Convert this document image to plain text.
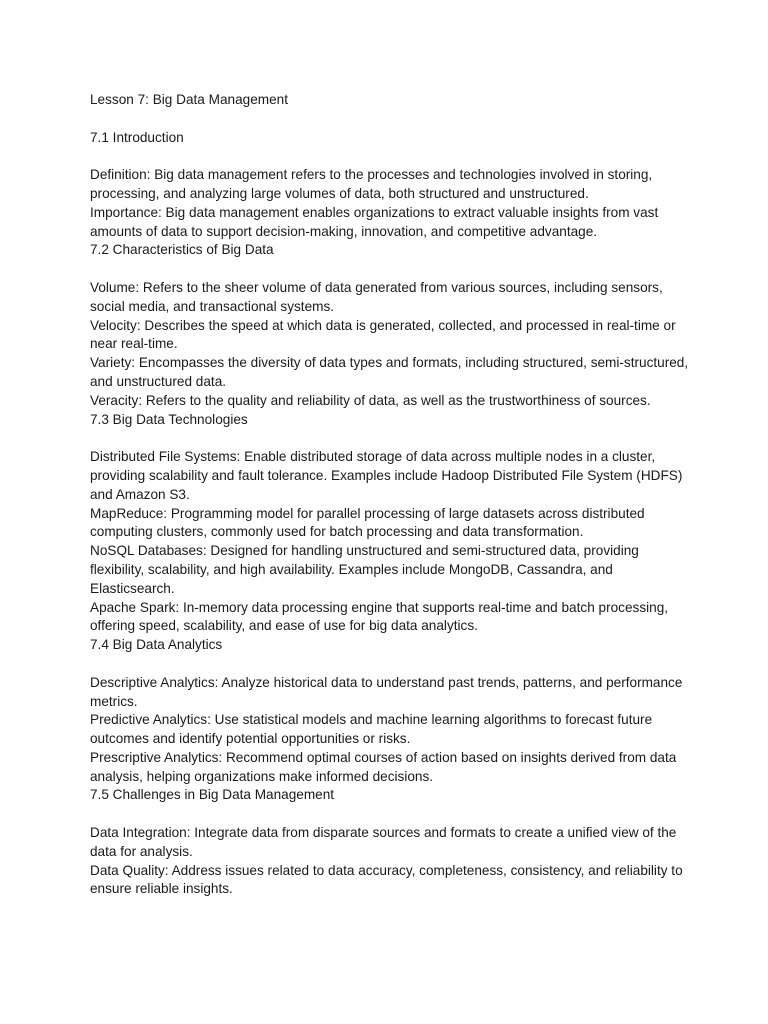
Lesson 7: Big Data Management

7.1 Introduction

Definition: Big data management refers to the processes and technologies involved in storing, processing, and analyzing large volumes of data, both structured and unstructured.

Importance: Big data management enables organizations to extract valuable insights from vast amounts of data to support decision-making, innovation, and competitive advantage.

7.2 Characteristics of Big Data

Volume: Refers to the sheer volume of data generated from various sources, including sensors, social media, and transactional systems.

Velocity: Describes the speed at which data is generated, collected, and processed in real-time or near real-time.

Variety: Encompasses the diversity of data types and formats, including structured, semi-structured, and unstructured data.

Veracity: Refers to the quality and reliability of data, as well as the trustworthiness of sources.

7.3 Big Data Technologies

Distributed File Systems: Enable distributed storage of data across multiple nodes in a cluster, providing scalability and fault tolerance. Examples include Hadoop Distributed File System (HDFS) and Amazon S3.

MapReduce: Programming model for parallel processing of large datasets across distributed computing clusters, commonly used for batch processing and data transformation.

NoSQL Databases: Designed for handling unstructured and semi-structured data, providing flexibility, scalability, and high availability. Examples include MongoDB, Cassandra, and Elasticsearch.

Apache Spark: In-memory data processing engine that supports real-time and batch processing, offering speed, scalability, and ease of use for big data analytics.

7.4 Big Data Analytics

Descriptive Analytics: Analyze historical data to understand past trends, patterns, and performance metrics.

Predictive Analytics: Use statistical models and machine learning algorithms to forecast future outcomes and identify potential opportunities or risks.

Prescriptive Analytics: Recommend optimal courses of action based on insights derived from data analysis, helping organizations make informed decisions.

7.5 Challenges in Big Data Management

Data Integration: Integrate data from disparate sources and formats to create a unified view of the data for analysis.

Data Quality: Address issues related to data accuracy, completeness, consistency, and reliability to ensure reliable insights.
